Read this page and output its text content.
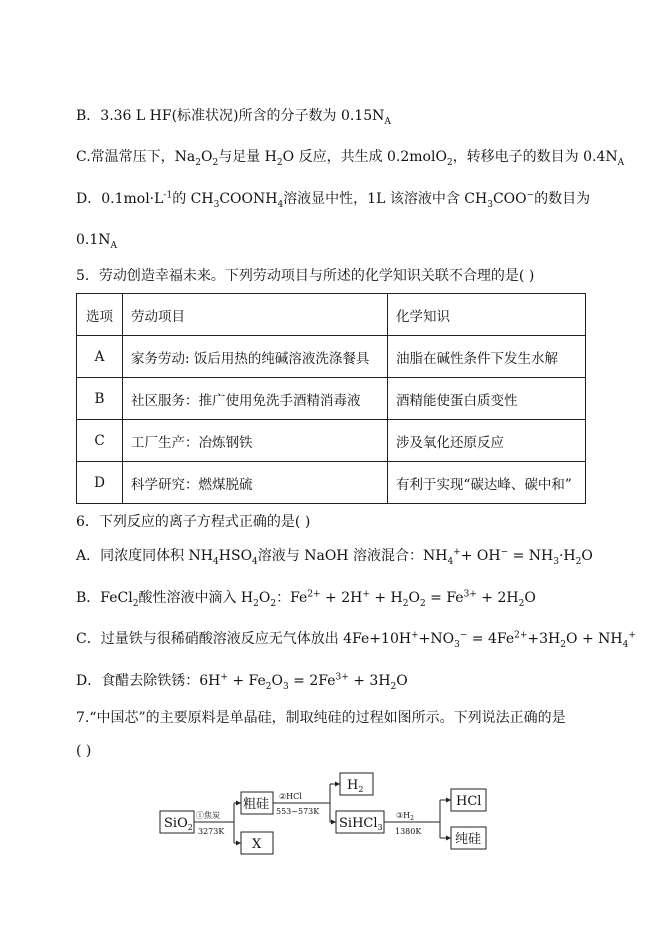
B．3.36 L HF(标准状况)所含的分子数为 $0.15N_A$
C.常温常压下，$Na_2O_2$与足量 $H_2O$ 反应，共生成 0.2molO$_2$，转移电子的数目为 $0.4N_A$
D．$0.1mol\cdot L^{-1}$的 $CH_3COONH_4$溶液显中性，1L 该溶液中含 $CH_3COO^-$的数目为
$0.1N_A$
5．劳动创造幸福未来。下列劳动项目与所述的化学知识关联不合理的是( )
选项	劳动项目	化学知识
A	家务劳动: 饭后用热的纯碱溶液洗涤餐具	油脂在碱性条件下发生水解
B	社区服务：推广使用免洗手酒精消毒液	酒精能使蛋白质变性
C	工厂生产：冶炼钢铁	涉及氧化还原反应
D	科学研究：燃煤脱硫	有利于实现“碳达峰、碳中和”
6．下列反应的离子方程式正确的是( )
A．同浓度同体积 $NH_4HSO_4$溶液与 NaOH 溶液混合：$NH_4^++ OH^- = NH_3\cdot H_2O$
B．FeCl$_2$酸性溶液中滴入 $H_2O_2$：$Fe^{2+} + 2H^+ + H_2O_2 = Fe^{3+} + 2H_2O$
C．过量铁与很稀硝酸溶液反应无气体放出 $4Fe+10H^++NO_3^- = 4Fe^{2+}+3H_2O + NH_4^+$
D．食醋去除铁锈：$6H^+ + Fe_2O_3 = 2Fe^{3+} + 3H_2O$
7.“中国芯”的主要原料是单晶硅，制取纯硅的过程如图所示。下列说法正确的是
( )
SiO$_2$
粗硅
X
$H_2$
SiHCl$_3$
HCl
纯硅
①焦炭
3273K
②HCl
553~573K	$③H_2$
1380K
